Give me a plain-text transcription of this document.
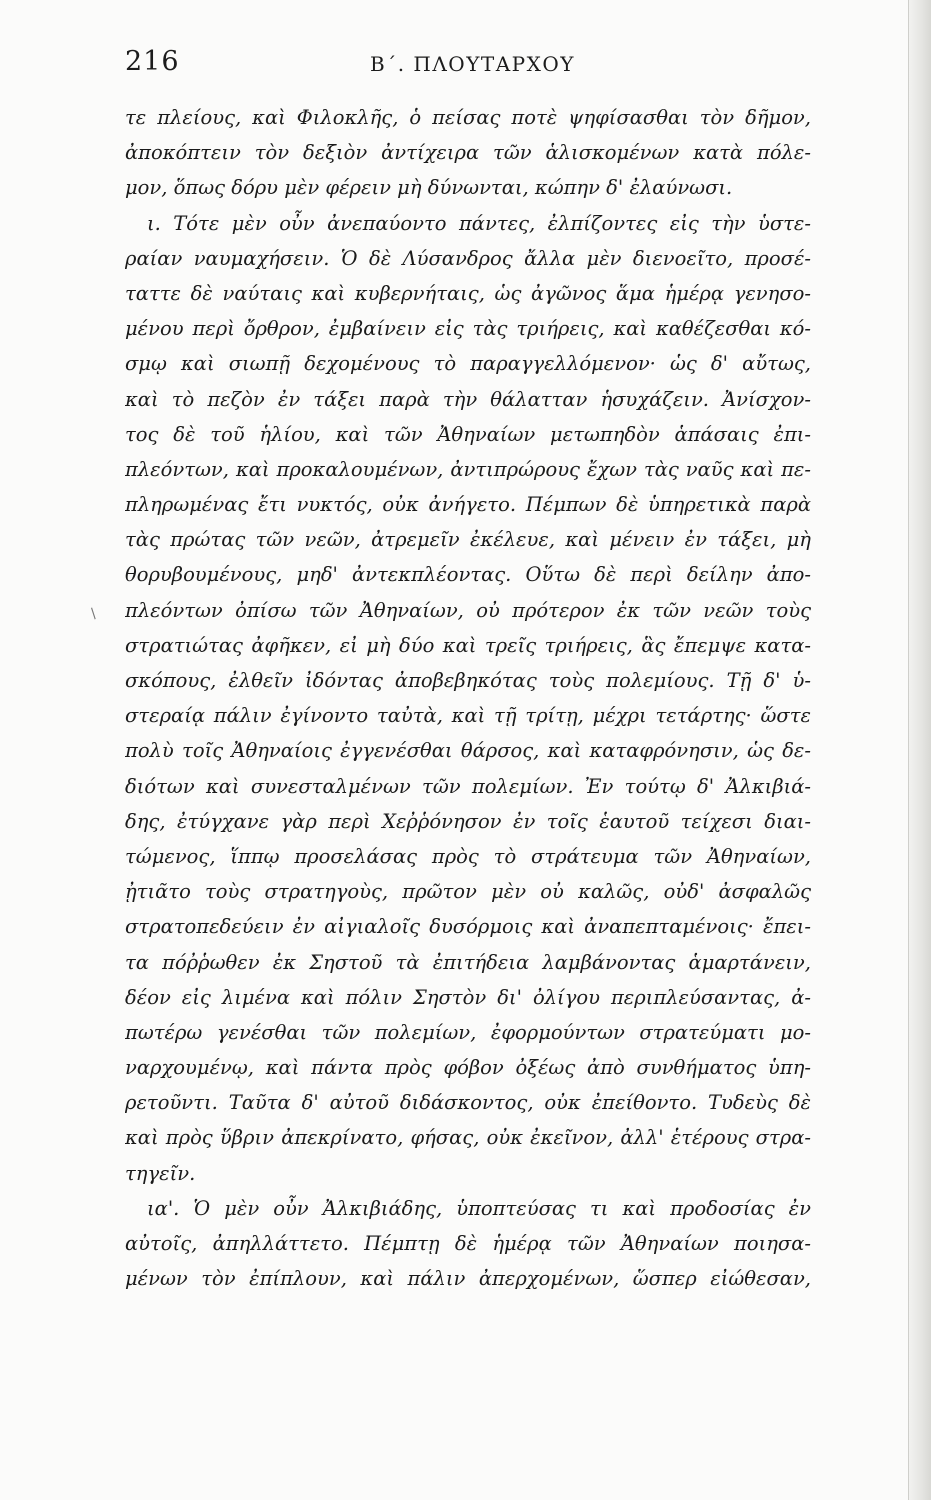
216	Β΄. ΠΛΟΥΤΑΡΧΟΥ
/
τε πλείους, καὶ Φιλοκλῆς, ὁ πείσας ποτὲ ψηφίσασθαι τὸν δῆμον,
ἀποκόπτειν τὸν δεξιὸν ἀντίχειρα τῶν ἁλισκομένων κατὰ πόλε-
μον, ὅπως δόρυ μὲν φέρειν μὴ δύνωνται, κώπην δ' ἐλαύνωσι.
ι. Τότε μὲν οὖν ἀνεπαύοντο πάντες, ἐλπίζοντες εἰς τὴν ὑστε-
ραίαν ναυμαχήσειν. Ὁ δὲ Λύσανδρος ἄλλα μὲν διενοεῖτο, προσέ-
ταττε δὲ ναύταις καὶ κυβερνήταις, ὡς ἀγῶνος ἅμα ἡμέρᾳ γενησο-
μένου περὶ ὄρθρον, ἐμβαίνειν εἰς τὰς τριήρεις, καὶ καθέζεσθαι κό-
σμῳ καὶ σιωπῇ δεχομένους τὸ παραγγελλόμενον· ὡς δ' αὔτως,
καὶ τὸ πεζὸν ἐν τάξει παρὰ τὴν θάλατταν ἡσυχάζειν. Ἀνίσχον-
τος δὲ τοῦ ἡλίου, καὶ τῶν Ἀθηναίων μετωπηδὸν ἁπάσαις ἐπι-
πλεόντων, καὶ προκαλουμένων, ἀντιπρώρους ἔχων τὰς ναῦς καὶ πε-
πληρωμένας ἔτι νυκτός, οὐκ ἀνήγετο. Πέμπων δὲ ὑπηρετικὰ παρὰ
τὰς πρώτας τῶν νεῶν, ἀτρεμεῖν ἐκέλευε, καὶ μένειν ἐν τάξει, μὴ
θορυβουμένους, μηδ' ἀντεκπλέοντας. Οὕτω δὲ περὶ δείλην ἀπο-
πλεόντων ὀπίσω τῶν Ἀθηναίων, οὐ πρότερον ἐκ τῶν νεῶν τοὺς
στρατιώτας ἀφῆκεν, εἰ μὴ δύο καὶ τρεῖς τριήρεις, ἃς ἔπεμψε κατα-
σκόπους, ἐλθεῖν ἰδόντας ἀποβεβηκότας τοὺς πολεμίους. Τῇ δ' ὑ-
στεραίᾳ πάλιν ἐγίνοντο ταὐτὰ, καὶ τῇ τρίτῃ, μέχρι τετάρτης· ὥστε
πολὺ τοῖς Ἀθηναίοις ἐγγενέσθαι θάρσος, καὶ καταφρόνησιν, ὡς δε-
διότων καὶ συνεσταλμένων τῶν πολεμίων. Ἐν τούτῳ δ' Ἀλκιβιά-
δης, ἐτύγχανε γὰρ περὶ Χεῤῥόνησον ἐν τοῖς ἑαυτοῦ τείχεσι διαι-
τώμενος, ἵππῳ προσελάσας πρὸς τὸ στράτευμα τῶν Ἀθηναίων,
ᾐτιᾶτο τοὺς στρατηγοὺς, πρῶτον μὲν οὐ καλῶς, οὐδ' ἀσφαλῶς
στρατοπεδεύειν ἐν αἰγιαλοῖς δυσόρμοις καὶ ἀναπεπταμένοις· ἔπει-
τα πόῤῥωθεν ἐκ Σηστοῦ τὰ ἐπιτήδεια λαμβάνοντας ἁμαρτάνειν,
δέον εἰς λιμένα καὶ πόλιν Σηστὸν δι' ὀλίγου περιπλεύσαντας, ἀ-
πωτέρω γενέσθαι τῶν πολεμίων, ἐφορμούντων στρατεύματι μο-
ναρχουμένῳ, καὶ πάντα πρὸς φόβον ὀξέως ἀπὸ συνθήματος ὑπη-
ρετοῦντι. Ταῦτα δ' αὐτοῦ διδάσκοντος, οὐκ ἐπείθοντο. Τυδεὺς δὲ
καὶ πρὸς ὕβριν ἀπεκρίνατο, φήσας, οὐκ ἐκεῖνον, ἀλλ' ἑτέρους στρα-
τηγεῖν.
ια'. Ὁ μὲν οὖν Ἀλκιβιάδης, ὑποπτεύσας τι καὶ προδοσίας ἐν
αὐτοῖς, ἀπηλλάττετο. Πέμπτῃ δὲ ἡμέρᾳ τῶν Ἀθηναίων ποιησα-
μένων τὸν ἐπίπλουν, καὶ πάλιν ἀπερχομένων, ὥσπερ εἰώθεσαν,
